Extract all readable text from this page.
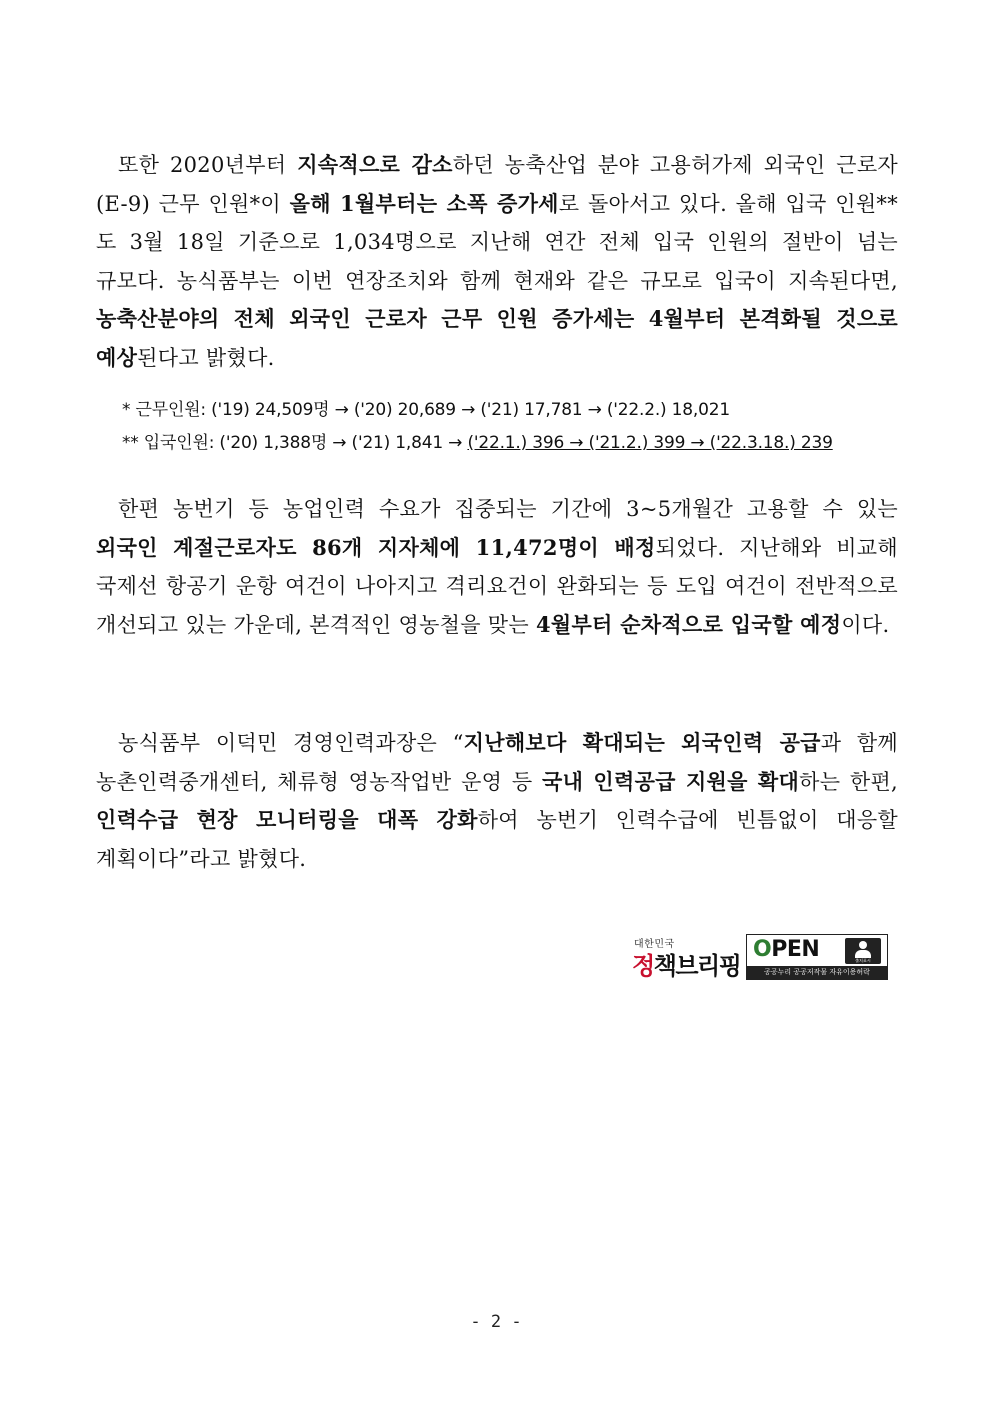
또한 2020년부터 지속적으로 감소하던 농축산업 분야 고용허가제 외국인 근로자(E-9) 근무 인원*이 올해 1월부터는 소폭 증가세로 돌아서고 있다. 올해 입국 인원**도 3월 18일 기준으로 1,034명으로 지난해 연간 전체 입국 인원의 절반이 넘는 규모다. 농식품부는 이번 연장조치와 함께 현재와 같은 규모로 입국이 지속된다면, 농축산분야의 전체 외국인 근로자 근무 인원 증가세는 4월부터 본격화될 것으로 예상된다고 밝혔다.

* 근무인원: ('19) 24,509명 → ('20) 20,689 → ('21) 17,781 → ('22.2.) 18,021
** 입국인원: ('20) 1,388명 → ('21) 1,841 → ('22.1.) 396 → ('21.2.) 399 → ('22.3.18.) 239

한편 농번기 등 농업인력 수요가 집중되는 기간에 3~5개월간 고용할 수 있는 외국인 계절근로자도 86개 지자체에 11,472명이 배정되었다. 지난해와 비교해 국제선 항공기 운항 여건이 나아지고 격리요건이 완화되는 등 도입 여건이 전반적으로 개선되고 있는 가운데, 본격적인 영농철을 맞는 4월부터 순차적으로 입국할 예정이다.

농식품부 이덕민 경영인력과장은 “지난해보다 확대되는 외국인력 공급과 함께 농촌인력중개센터, 체류형 영농작업반 운영 등 국내 인력공급 지원을 확대하는 한편, 인력수급 현장 모니터링을 대폭 강화하여 농번기 인력수급에 빈틈없이 대응할 계획이다”라고 밝혔다.

대한민국
정책브리핑
OPEN	출처표시
공공누리 공공저작물 자유이용허락
- 2 -
